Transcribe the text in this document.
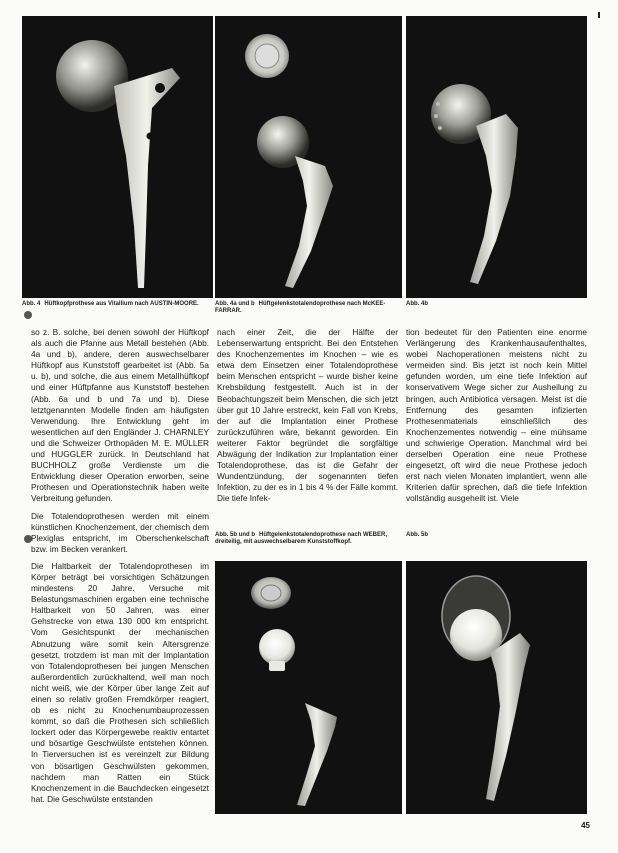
Abb. 4 Hüftkopfprothese aus Vitallium nach AUSTIN-MOORE.	Abb. 4a und b Hüftgelenkstotalendoprothese nach McKEE-FARRAR.
Abb. 4b

so z. B. solche, bei denen sowohl der Hüftkopf als auch die Pfanne aus Metall bestehen (Abb. 4a und b), andere, deren auswechselbarer Hüftkopf aus Kunststoff gearbeitet ist (Abb. 5a u. b), und solche, die aus einem Metallhüftkopf und einer Hüftpfanne aus Kunststoff bestehen (Abb. 6a und b und 7a und b). Diese letztgenannten Modelle finden am häufigsten Verwendung. Ihre Entwicklung geht im wesentlichen auf den Engländer J. CHARNLEY und die Schweizer Orthopäden M. E. MÜLLER und HUGGLER zurück. In Deutschland hat BUCHHOLZ große Verdienste um die Entwicklung dieser Operation erworben, seine Prothesen und Operationstechnik haben weite Verbreitung gefunden.

Die Totalendoprothesen werden mit einem künstlichen Knochenzement, der chemisch dem Plexiglas entspricht, im Oberschenkelschaft bzw. im Becken verankert.

Die Haltbarkeit der Totalendoprothesen im Körper beträgt bei vorsichtigen Schätzungen mindestens 20 Jahre. Versuche mit Belastungsmaschinen ergaben eine technische Haltbarkeit von 50 Jahren, was einer Gehstrecke von etwa 130 000 km entspricht. Vom Gesichtspunkt der mechanischen Abnutzung wäre somit kein Altersgrenze gesetzt, trotzdem ist man mit der Implantation von Totalendoprothesen bei jungen Menschen außerordentlich zurückhaltend, weil man noch nicht weiß, wie der Körper über lange Zeit auf einen so relativ großen Fremdkörper reagiert, ob es nicht zu Knochenumbauprozessen kommt, so daß die Prothesen sich schließlich lockert oder das Körpergewebe reaktiv entartet und bösartige Geschwülste entstehen können. In Tierversuchen ist es vereinzelt zur Bildung von bösartigen Geschwülsten gekommen, nachdem man Ratten ein Stück Knochenzement in die Bauchdecken eingesetzt hat. Die Geschwülste entstanden

nach einer Zeit, die der Hälfte der Lebenserwartung entspricht. Bei den Entstehen des Knochenzementes im Knochen – wie es etwa dem Einsetzen einer Totalendoprothese beim Menschen entspricht – wurde bisher keine Krebsbildung festgestellt. Auch ist in der Beobachtungszeit beim Menschen, die sich jetzt über gut 10 Jahre erstreckt, kein Fall von Krebs, der auf die Implantation einer Prothese zurückzuführen wäre, bekannt geworden. Ein weiterer Faktor begründet die sorgfältige Abwägung der Indikation zur Implantation einer Totalendoprothese, das ist die Gefahr der Wundentzündung, der sogenannten tiefen Infektion, zu der es in 1 bis 4 % der Fälle kommt. Die tiefe Infek-

tion bedeutet für den Patienten eine enorme Verlängerung des Krankenhausaufenthaltes, wobei Nachoperationen meistens nicht zu vermeiden sind. Bis jetzt ist noch kein Mittel gefunden worden, um eine tiefe Infektion auf konservativem Wege sicher zur Ausheilung zu bringen, auch Antibiotica versagen. Meist ist die Entfernung des gesamten infizierten Prothesenmaterials einschließlich des Knochenzementes notwendig – eine mühsame und schwierige Operation. Manchmal wird bei derselben Operation eine neue Prothese eingesetzt, oft wird die neue Prothese jedoch erst nach vielen Monaten implantiert, wenn alle Kriterien dafür sprechen, daß die tiefe Infektion vollständig ausgeheilt ist. Viele

Abb. 5b und b Hüftgelenkstotalendoprothese nach WEBER, dreiteilig, mit auswechselbarem Kunststoffkopf.
Abb. 5b
45
